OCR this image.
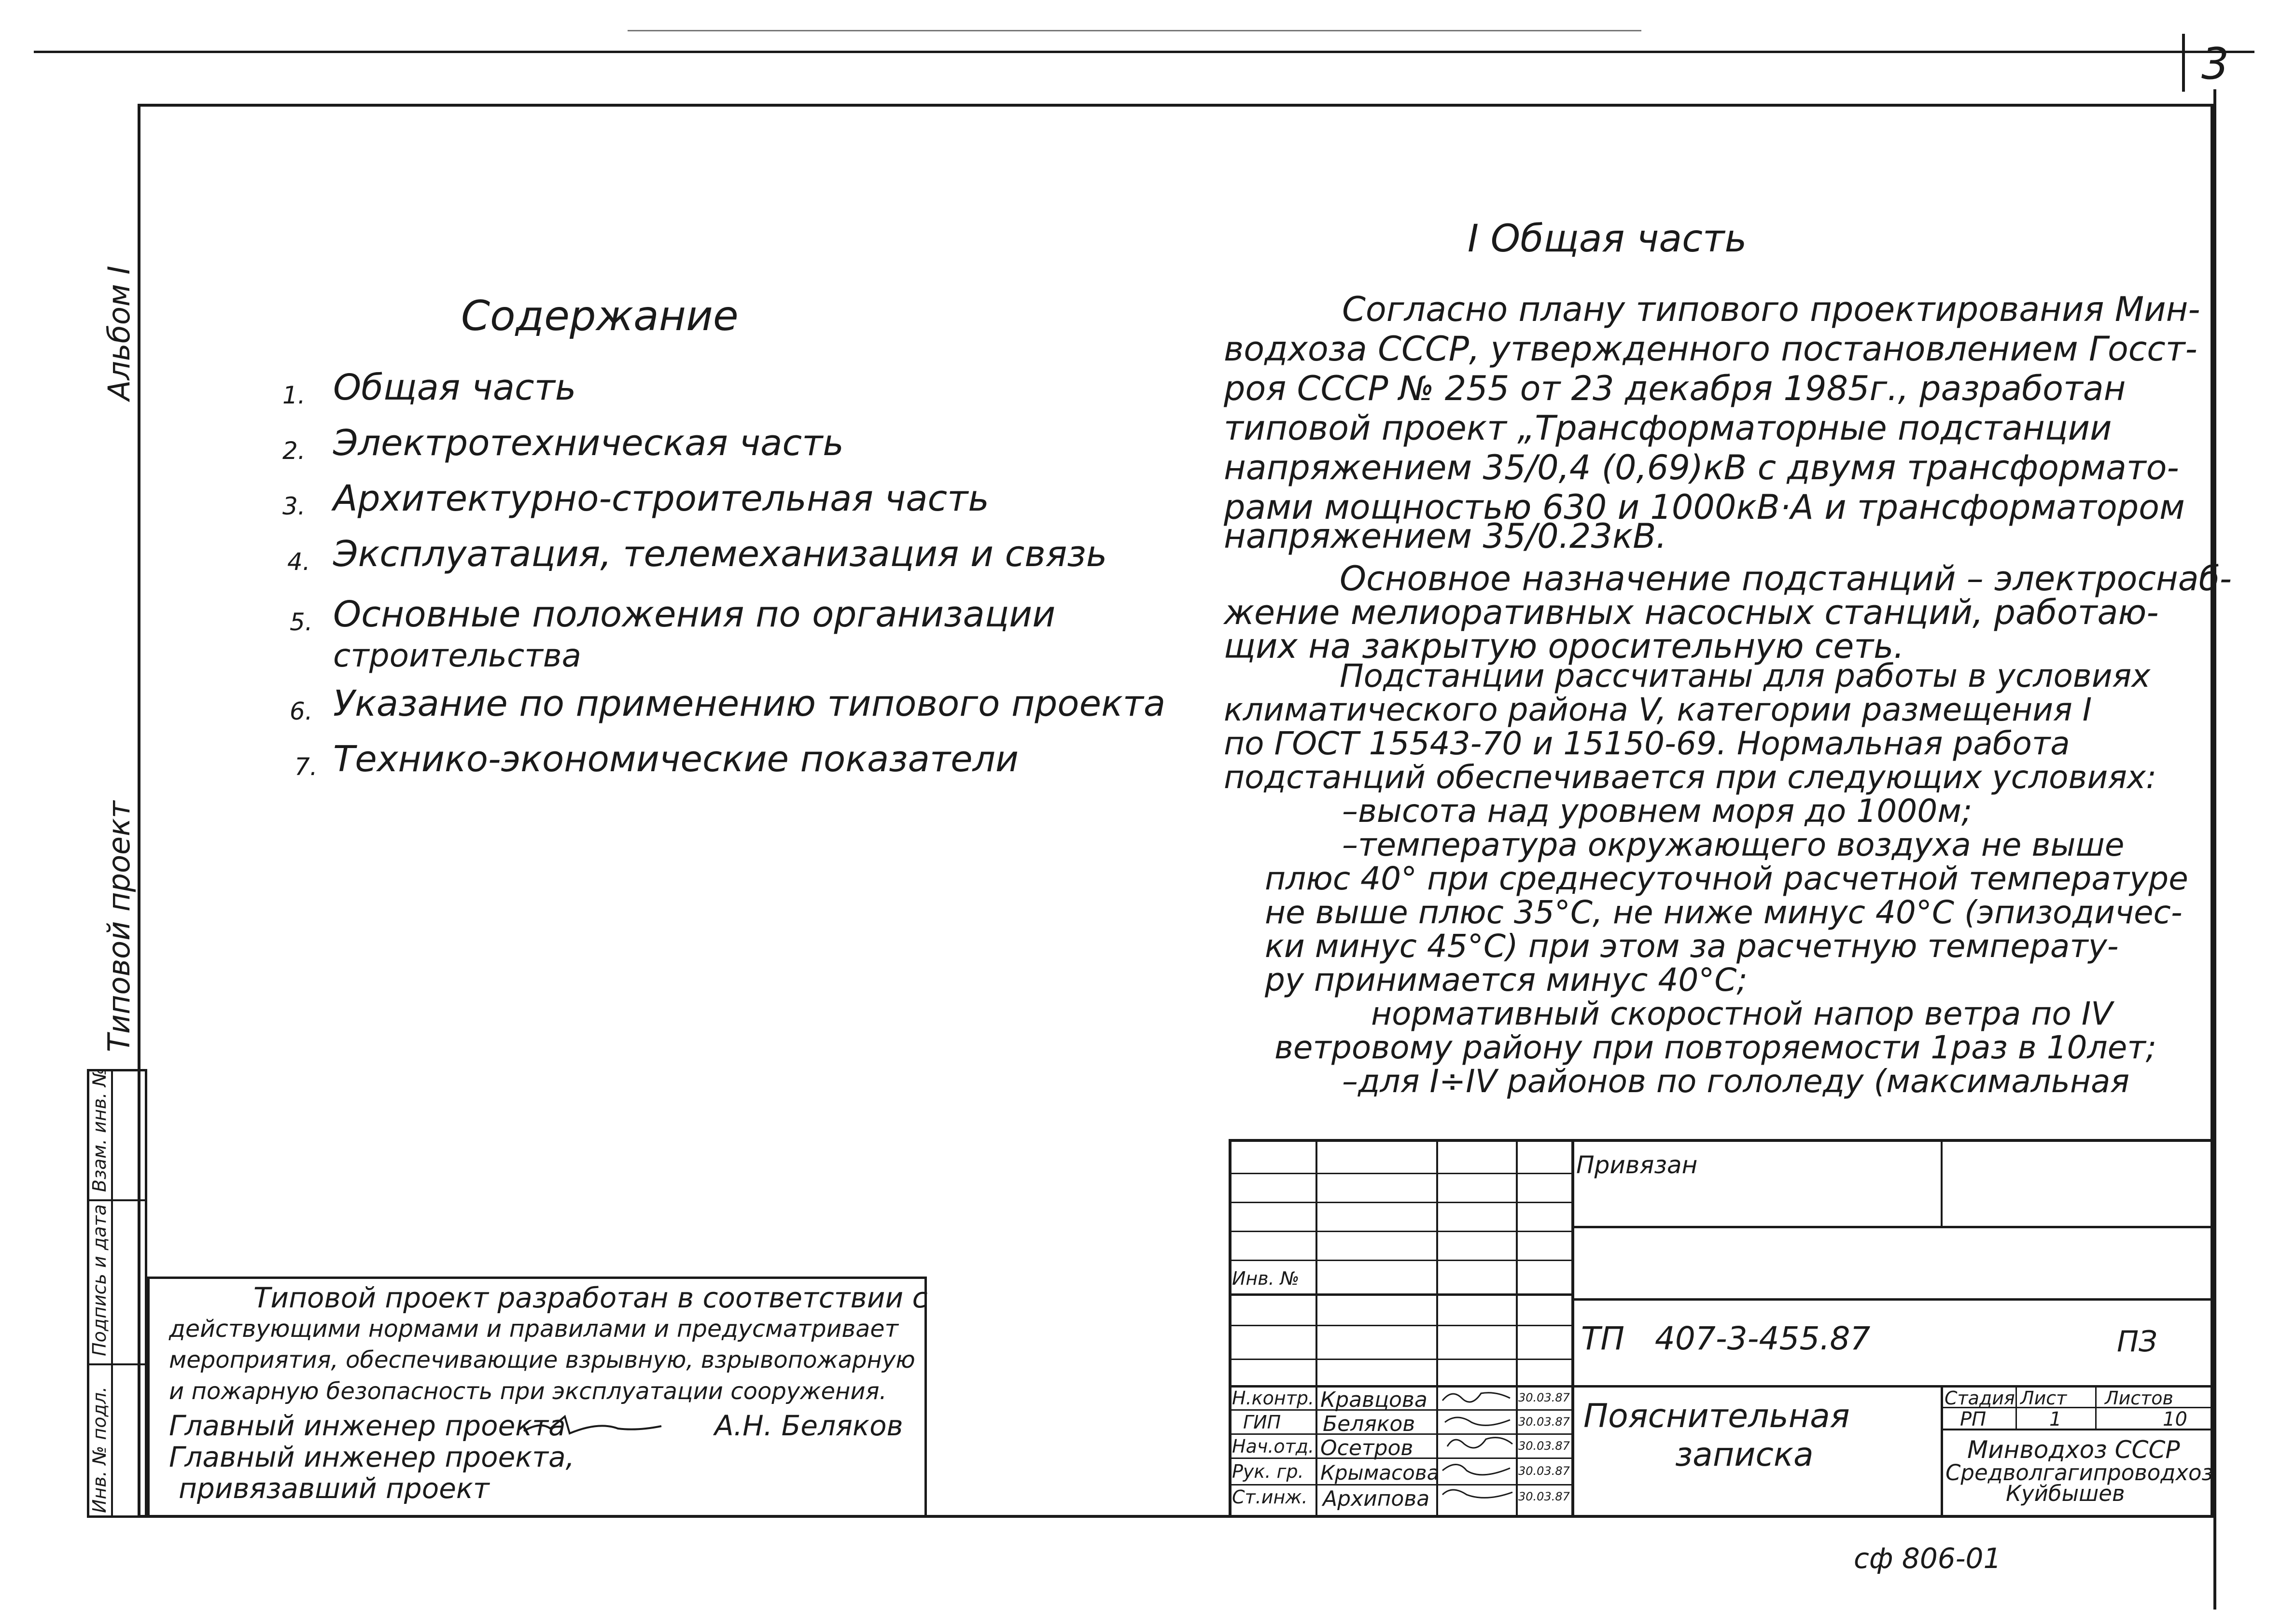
3
Альбом I
Типовой проект
Взам. инв. №
Подпись и дата
Инв. № подл.
Содержание
1. Общая часть
2. Электротехническая часть
3. Архитектурно-строительная часть
4. Эксплуатация, телемеханизация и связь
5. Основные положения по организации
строительства
6. Указание по применению типового проекта
7. Технико-экономические показатели
I Общая часть
Согласно плану типового проектирования Мин-
водхоза СССР, утвержденного постановлением Госст-
роя СССР № 255 от 23 декабря 1985г., разработан
типовой проект „Трансформаторные подстанции
напряжением 35/0,4 (0,69)кВ с двумя трансформато-
рами мощностью 630 и 1000кВ·А и трансформатором
напряжением 35/0.23кВ.
Основное назначение подстанций – электроснаб-
жение мелиоративных насосных станций, работаю-
щих на закрытую оросительную сеть.
Подстанции рассчитаны для работы в условиях
климатического района V, категории размещения I
по ГОСТ 15543-70 и 15150-69. Нормальная работа
подстанций обеспечивается при следующих условиях:
–высота над уровнем моря до 1000м;
–температура окружающего воздуха не выше
плюс 40° при среднесуточной расчетной температуре
не выше плюс 35°С, не ниже минус 40°С (эпизодичес-
ки минус 45°С) при этом за расчетную температу-
ру принимается минус 40°С;
нормативный скоростной напор ветра по IV
ветровому району при повторяемости 1раз в 10лет;
–для I÷IV районов по гололеду (максимальная
Типовой проект разработан в соответствии с
действующими нормами и правилами и предусматривает
мероприятия, обеспечивающие взрывную, взрывопожарную
и пожарную безопасность при эксплуатации сооружения.
Главный инженер проекта	А.Н. Беляков
Главный инженер проекта,
привязавший проект
Привязан
Инв. №
ТП   407-3-455.87	ПЗ
Пояснительная
записка
Стадия Лист Листов
РП	1	10
Минводхоз СССР
Средволгагипроводхоз
Куйбышев
Н.контр. Кравцова	30.03.87
ГИП Беляков	30.03.87
Нач.отд. Осетров	30.03.87
Рук. гр. Крымасова	30.03.87
Ст.инж. Архипова	30.03.87
сф 806-01
